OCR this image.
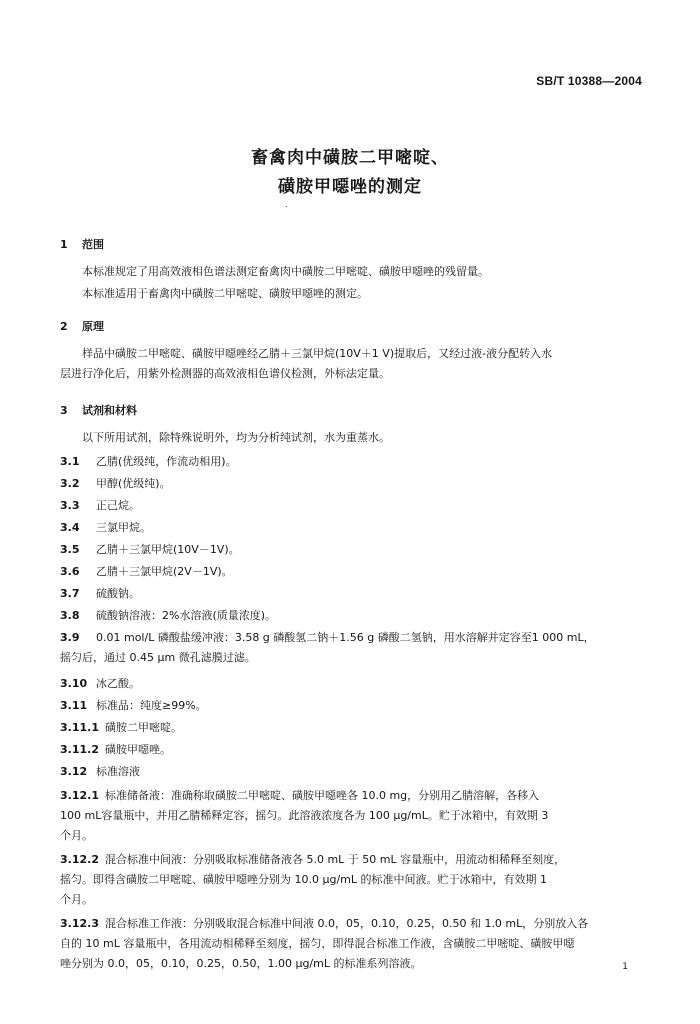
SB/T 10388—2004
畜禽肉中磺胺二甲嘧啶、
磺胺甲噁唑的测定
.
1 范围
本标准规定了用高效液相色谱法测定畜禽肉中磺胺二甲嘧啶、磺胺甲噁唑的残留量。
本标准适用于畜禽肉中磺胺二甲嘧啶、磺胺甲噁唑的测定。
2 原理
样品中磺胺二甲嘧啶、磺胺甲噁唑经乙腈＋三氯甲烷(10V＋1 V)提取后，又经过液-液分配转入水
层进行净化后，用紫外检测器的高效液相色谱仪检测，外标法定量。
3 试剂和材料
以下所用试剂，除特殊说明外，均为分析纯试剂，水为重蒸水。
3.1 乙腈(优级纯，作流动相用)。
3.2 甲醇(优级纯)。
3.3 正己烷。
3.4 三氯甲烷。
3.5 乙腈＋三氯甲烷(10V－1V)。
3.6 乙腈＋三氯甲烷(2V－1V)。
3.7 硫酸钠。
3.8 硫酸钠溶液：2%水溶液(质量浓度)。
3.9 0.01 mol/L 磷酸盐缓冲液：3.58 g 磷酸氢二钠＋1.56 g 磷酸二氢钠，用水溶解并定容至1 000 mL，
摇匀后，通过 0.45 μm 微孔滤膜过滤。
3.10 冰乙酸。
3.11 标准品：纯度≥99%。
3.11.1 磺胺二甲嘧啶。
3.11.2 磺胺甲噁唑。
3.12 标准溶液
3.12.1 标准储备液：准确称取磺胺二甲嘧啶、磺胺甲噁唑各 10.0 mg，分别用乙腈溶解，各移入
100 mL容量瓶中，并用乙腈稀释定容，摇匀。此溶液浓度各为 100 μg/mL。贮于冰箱中，有效期 3
个月。
3.12.2 混合标准中间液：分别吸取标准储备液各 5.0 mL 于 50 mL 容量瓶中，用流动相稀释至刻度，
摇匀。即得含磺胺二甲嘧啶、磺胺甲噁唑分别为 10.0 μg/mL 的标准中间液。贮于冰箱中，有效期 1
个月。
3.12.3 混合标准工作液：分别吸取混合标准中间液 0.0，05，0.10，0.25，0.50 和 1.0 mL，分别放入各
自的 10 mL 容量瓶中，各用流动相稀释至刻度，摇匀，即得混合标准工作液，含磺胺二甲嘧啶、磺胺甲噁
唑分别为 0.0，05，0.10，0.25，0.50，1.00 μg/mL 的标准系列溶液。	1
